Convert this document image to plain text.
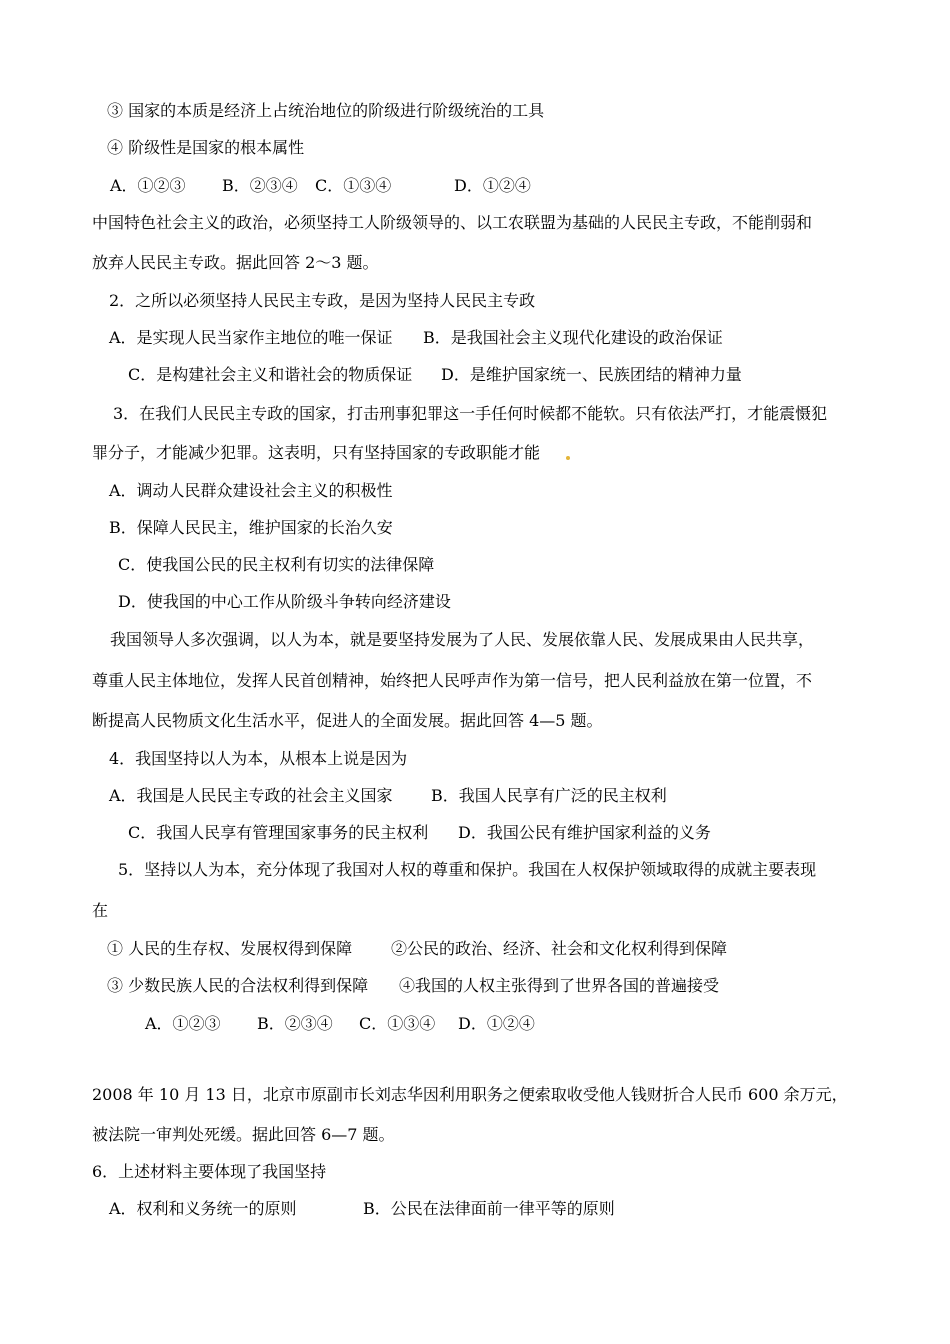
③ 国家的本质是经济上占统治地位的阶级进行阶级统治的工具
④ 阶级性是国家的根本属性
A．①②③ B．②③④ C．①③④	D．①②④
中国特色社会主义的政治，必须坚持工人阶级领导的、以工农联盟为基础的人民民主专政，不能削弱和
放弃人民民主专政。据此回答 2～3 题。
2．之所以必须坚持人民民主专政，是因为坚持人民民主专政
A．是实现人民当家作主地位的唯一保证 B．是我国社会主义现代化建设的政治保证
C．是构建社会主义和谐社会的物质保证 D．是维护国家统一、民族团结的精神力量
3．在我们人民民主专政的国家，打击刑事犯罪这一手任何时候都不能软。只有依法严打，才能震慑犯
罪分子，才能减少犯罪。这表明，只有坚持国家的专政职能才能
A．调动人民群众建设社会主义的积极性
B．保障人民民主，维护国家的长治久安
C．使我国公民的民主权利有切实的法律保障
D．使我国的中心工作从阶级斗争转向经济建设
我国领导人多次强调，以人为本，就是要坚持发展为了人民、发展依靠人民、发展成果由人民共享，
尊重人民主体地位，发挥人民首创精神，始终把人民呼声作为第一信号，把人民利益放在第一位置，不
断提高人民物质文化生活水平，促进人的全面发展。据此回答 4—5 题。
4．我国坚持以人为本，从根本上说是因为
A．我国是人民民主专政的社会主义国家 B．我国人民享有广泛的民主权利
C．我国人民享有管理国家事务的民主权利 D．我国公民有维护国家利益的义务
5．坚持以人为本，充分体现了我国对人权的尊重和保护。我国在人权保护领域取得的成就主要表现
在
① 人民的生存权、发展权得到保障 ②公民的政治、经济、社会和文化权利得到保障
③ 少数民族人民的合法权利得到保障 ④我国的人权主张得到了世界各国的普遍接受
A．①②③ B．②③④ C．①③④ D．①②④
2008 年 10 月 13 日，北京市原副市长刘志华因利用职务之便索取收受他人钱财折合人民币 600 余万元，
被法院一审判处死缓。据此回答 6—7 题。
6．上述材料主要体现了我国坚持
A．权利和义务统一的原则	B．公民在法律面前一律平等的原则
